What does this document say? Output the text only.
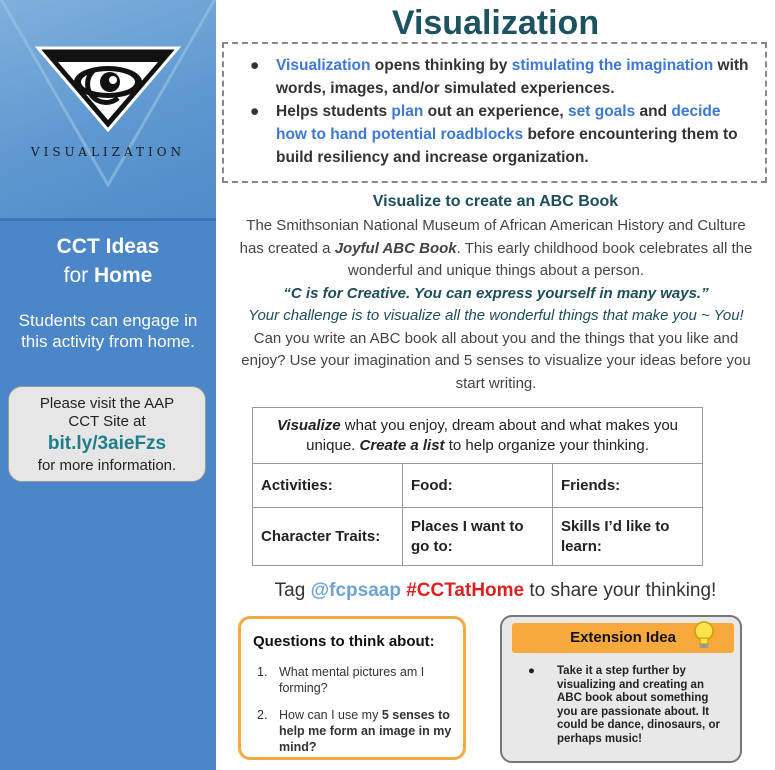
VISUALIZATION
CCT Ideas
for Home
Students can engage in this activity from home.
Please visit the AAP
CCT Site at
bit.ly/3aieFzs
for more information.
Visualization
● Visualization opens thinking by stimulating the imagination with words, images, and/or simulated experiences.
● Helps students plan out an experience, set goals and decide how to hand potential roadblocks before encountering them to build resiliency and increase organization.
Visualize to create an ABC Book
The Smithsonian National Museum of African American History and Culture has created a Joyful ABC Book. This early childhood book celebrates all the wonderful and unique things about a person.
“C is for Creative. You can express yourself in many ways.”
Your challenge is to visualize all the wonderful things that make you ~ You! Can you write an ABC book all about you and the things that you like and enjoy? Use your imagination and 5 senses to visualize your ideas before you start writing.
Visualize what you enjoy, dream about and what makes you unique. Create a list to help organize your thinking.		
Activities:	Food:	Friends:
Character Traits:	Places I want to go to:	Skills I’d like to learn:
Tag @fcpsaap #CCTatHome to share your thinking!
Questions to think about:
1. What mental pictures am I forming?
2. How can I use my 5 senses to help me form an image in my mind?
Extension Idea
● Take it a step further by visualizing and creating an ABC book about something you are passionate about. It could be dance, dinosaurs, or perhaps music!
